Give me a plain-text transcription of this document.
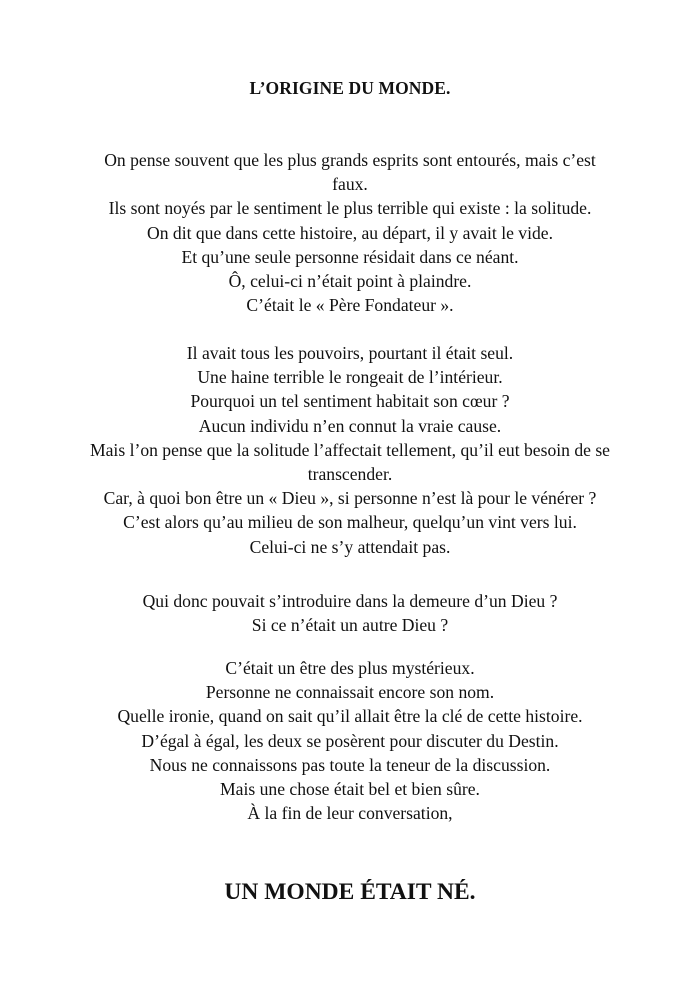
L’ORIGINE DU MONDE.
On pense souvent que les plus grands esprits sont entourés, mais c’est
faux.
Ils sont noyés par le sentiment le plus terrible qui existe : la solitude.
On dit que dans cette histoire, au départ, il y avait le vide.
Et qu’une seule personne résidait dans ce néant.
Ô, celui-ci n’était point à plaindre.
C’était le « Père Fondateur ».
Il avait tous les pouvoirs, pourtant il était seul.
Une haine terrible le rongeait de l’intérieur.
Pourquoi un tel sentiment habitait son cœur ?
Aucun individu n’en connut la vraie cause.
Mais l’on pense que la solitude l’affectait tellement, qu’il eut besoin de se
transcender.
Car, à quoi bon être un « Dieu », si personne n’est là pour le vénérer ?
C’est alors qu’au milieu de son malheur, quelqu’un vint vers lui.
Celui-ci ne s’y attendait pas.
Qui donc pouvait s’introduire dans la demeure d’un Dieu ?
Si ce n’était un autre Dieu ?
C’était un être des plus mystérieux.
Personne ne connaissait encore son nom.
Quelle ironie, quand on sait qu’il allait être la clé de cette histoire.
D’égal à égal, les deux se posèrent pour discuter du Destin.
Nous ne connaissons pas toute la teneur de la discussion.
Mais une chose était bel et bien sûre.
À la fin de leur conversation,
UN MONDE ÉTAIT NÉ.
